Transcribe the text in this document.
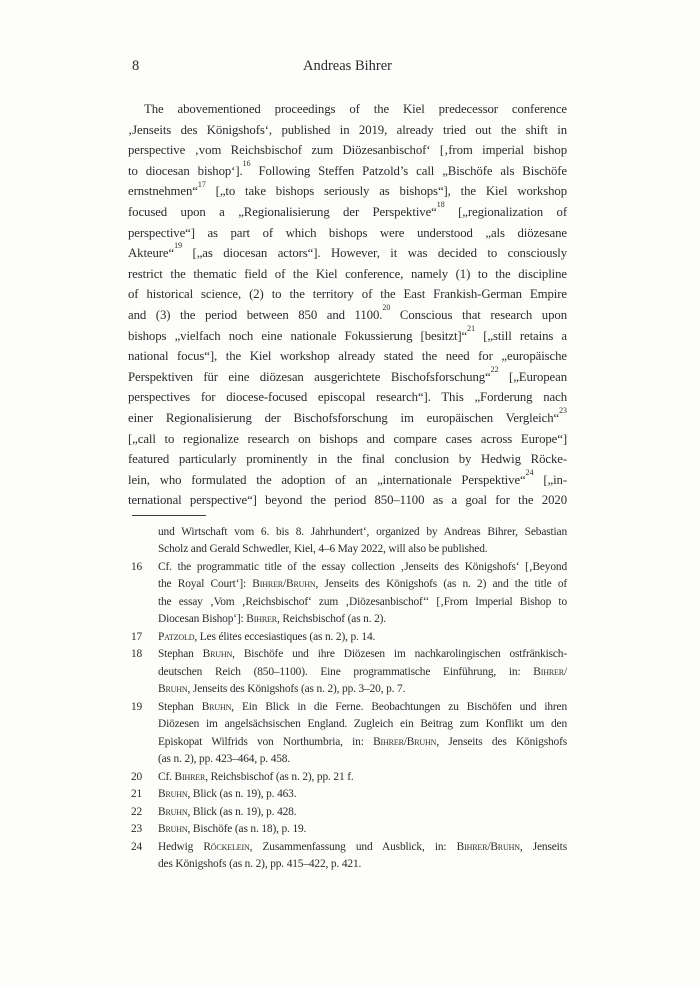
8	Andreas Bihrer
The abovementioned proceedings of the Kiel predecessor conference
‚Jenseits des Königshofs‘, published in 2019, already tried out the shift in
perspective ‚vom Reichsbischof zum Diözesanbischof‘ [‚from imperial bishop
to diocesan bishop‘].$^{16}$ Following Steffen Patzold’s call „Bischöfe als Bischöfe
ernstnehmen“$^{17}$ [„to take bishops seriously as bishops“], the Kiel workshop
focused upon a „Regionalisierung der Perspektive“$^{18}$ [„regionalization of
perspective“] as part of which bishops were understood „als diözesane
Akteure“$^{19}$ [„as diocesan actors“]. However, it was decided to consciously
restrict the thematic field of the Kiel conference, namely (1) to the discipline
of historical science, (2) to the territory of the East Frankish-German Empire
and (3) the period between 850 and 1100.20 Conscious that research upon
bishops „vielfach noch eine nationale Fokussierung [besitzt]“$^{21}$ [„still retains a
national focus“], the Kiel workshop already stated the need for „europäische
Perspektiven für eine diözesan ausgerichtete Bischofsforschung“$^{22}$ [„European
perspectives for diocese-focused episcopal research“]. This „Forderung nach
einer Regionalisierung der Bischofsforschung im europäischen Vergleich“$^{23}$
[„call to regionalize research on bishops and compare cases across Europe“]
featured particularly prominently in the final conclusion by Hedwig Röcke-
lein, who formulated the adoption of an „internationale Perspektive“$^{24}$ [„in-
ternational perspective“] beyond the period 850–1100 as a goal for the 2020
und Wirtschaft vom 6. bis 8. Jahrhundert‘, organized by Andreas Bihrer, Sebastian
Scholz and Gerald Schwedler, Kiel, 4–6 May 2022, will also be published.
16 Cf. the programmatic title of the essay collection ‚Jenseits des Königshofs‘ [‚Beyond
the Royal Court‘]: Bihrer/Bruhn, Jenseits des Königshofs (as n. 2) and the title of
the essay ‚Vom ‚Reichsbischof‘ zum ‚Diözesanbischof‘‘ [‚From Imperial Bishop to
Diocesan Bishop‘]: Bihrer, Reichsbischof (as n. 2).
17 Patzold, Les élites eccesiastiques (as n. 2), p. 14.
18 Stephan Bruhn, Bischöfe und ihre Diözesen im nachkarolingischen ostfränkisch-
deutschen Reich (850–1100). Eine programmatische Einführung, in: Bihrer/
Bruhn, Jenseits des Königshofs (as n. 2), pp. 3–20, p. 7.
19 Stephan Bruhn, Ein Blick in die Ferne. Beobachtungen zu Bischöfen und ihren
Diözesen im angelsächsischen England. Zugleich ein Beitrag zum Konflikt um den
Episkopat Wilfrids von Northumbria, in: Bihrer/Bruhn, Jenseits des Königshofs
(as n. 2), pp. 423–464, p. 458.
20 Cf. Bihrer, Reichsbischof (as n. 2), pp. 21 f.
21 Bruhn, Blick (as n. 19), p. 463.
22 Bruhn, Blick (as n. 19), p. 428.
23 Bruhn, Bischöfe (as n. 18), p. 19.
24 Hedwig Röckelein, Zusammenfassung und Ausblick, in: Bihrer/Bruhn, Jenseits
des Königshofs (as n. 2), pp. 415–422, p. 421.
